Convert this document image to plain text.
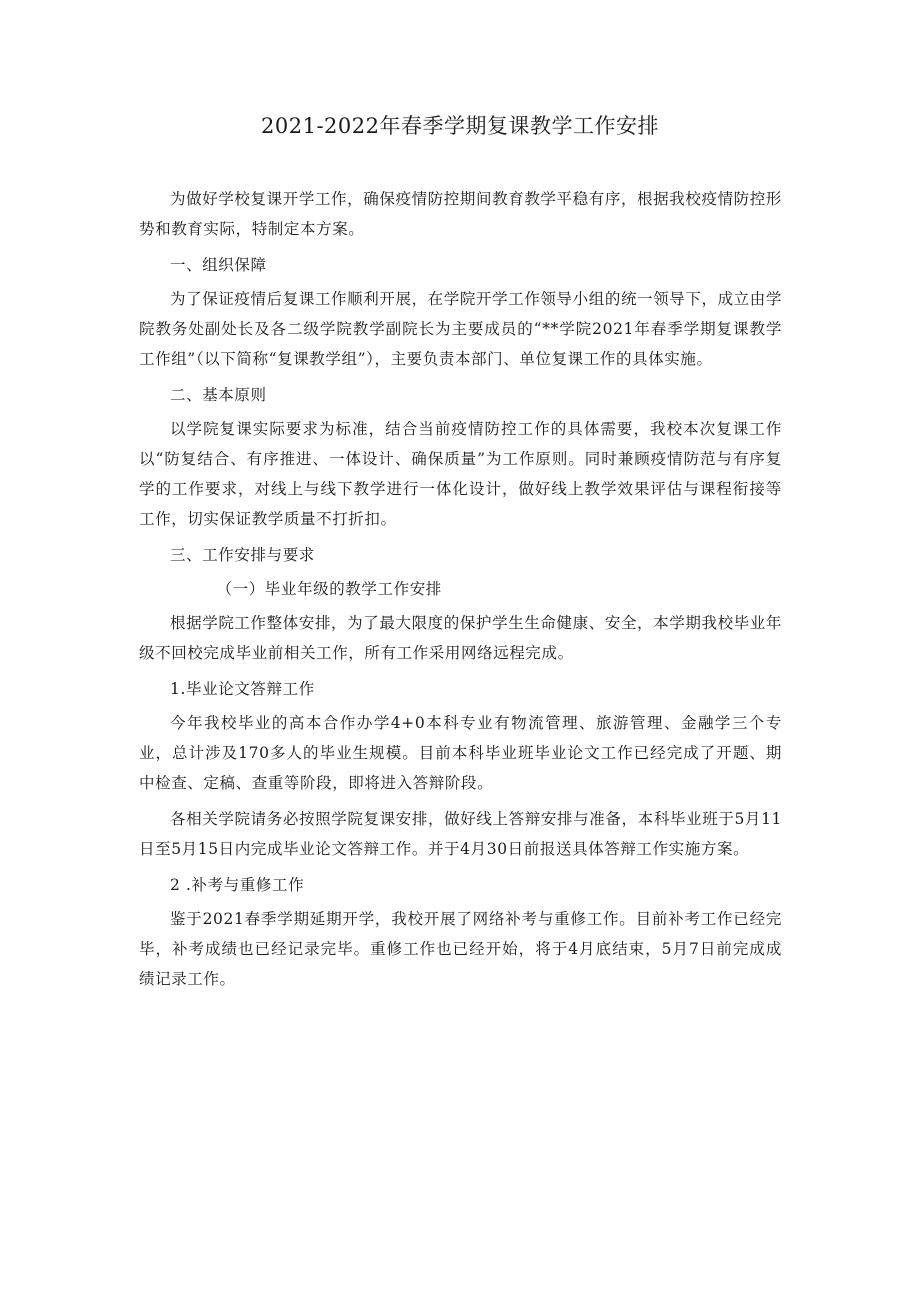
2021-2022年春季学期复课教学工作安排

为做好学校复课开学工作，确保疫情防控期间教育教学平稳有序，根据我校疫情防控形势和教育实际，特制定本方案。

一、组织保障

为了保证疫情后复课工作顺利开展，在学院开学工作领导小组的统一领导下，成立由学院教务处副处长及各二级学院教学副院长为主要成员的“**学院2021年春季学期复课教学工作组”（以下简称“复课教学组”），主要负责本部门、单位复课工作的具体实施。

二、基本原则

以学院复课实际要求为标准，结合当前疫情防控工作的具体需要，我校本次复课工作以“防复结合、有序推进、一体设计、确保质量”为工作原则。同时兼顾疫情防范与有序复学的工作要求，对线上与线下教学进行一体化设计，做好线上教学效果评估与课程衔接等工作，切实保证教学质量不打折扣。

三、工作安排与要求

（一）毕业年级的教学工作安排

根据学院工作整体安排，为了最大限度的保护学生生命健康、安全，本学期我校毕业年级不回校完成毕业前相关工作，所有工作采用网络远程完成。

1.毕业论文答辩工作

今年我校毕业的高本合作办学4+0本科专业有物流管理、旅游管理、金融学三个专业，总计涉及170多人的毕业生规模。目前本科毕业班毕业论文工作已经完成了开题、期中检查、定稿、查重等阶段，即将进入答辩阶段。

各相关学院请务必按照学院复课安排，做好线上答辩安排与准备，本科毕业班于5月11日至5月15日内完成毕业论文答辩工作。并于4月30日前报送具体答辩工作实施方案。

2 .补考与重修工作

鉴于2021春季学期延期开学，我校开展了网络补考与重修工作。目前补考工作已经完毕，补考成绩也已经记录完毕。重修工作也已经开始，将于4月底结束，5月7日前完成成绩记录工作。
